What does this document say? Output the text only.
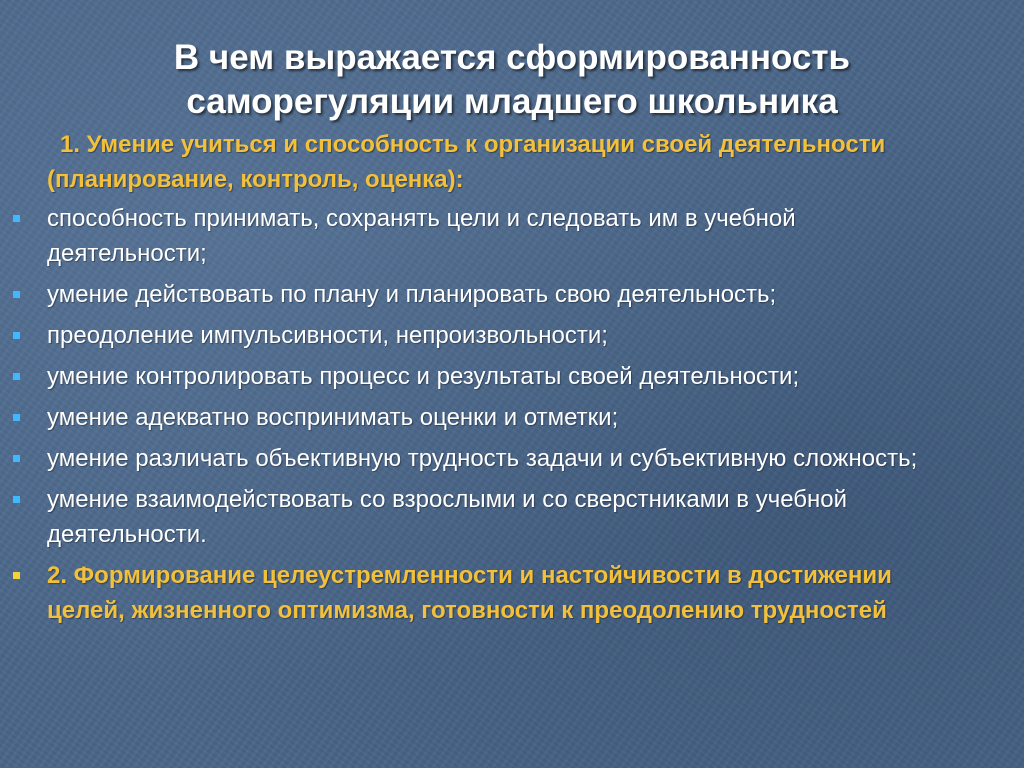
В чем выражается сформированность
саморегуляции младшего школьника
1. Умение учиться и способность к организации своей деятельности (планирование, контроль, оценка):
способность принимать, сохранять цели и следовать им в учебной деятельности;
умение действовать по плану и планировать свою деятельность;
преодоление импульсивности, непроизвольности;
умение контролировать процесс и результаты своей деятельности;
умение адекватно воспринимать оценки и отметки;
умение различать объективную трудность задачи и субъективную сложность;
умение взаимодействовать со взрослыми и со сверстниками в учебной деятельности.
2. Формирование целеустремленности и настойчивости в достижении целей, жизненного оптимизма, готовности к преодолению трудностей
